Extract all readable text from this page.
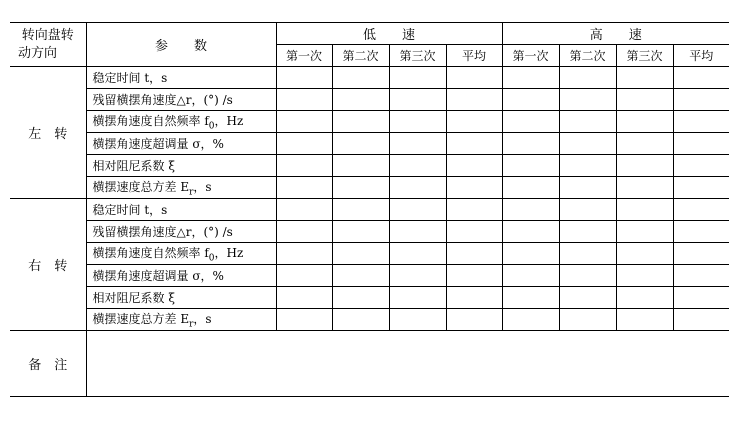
转向盘转
动方向	参　　数	低　　速				高　　速			
		第一次	第二次	第三次	平均	第一次	第二次	第三次	平均
左　转	稳定时间 t，s								
	残留横摆角速度△r，(°) /s								
	横摆角速度自然频率 $f_0$，Hz								
	横摆角速度超调量 σ，%								
	相对阻尼系数 ξ								
	横摆速度总方差 $E_r$，s								
右　转	稳定时间 t，s								
	残留横摆角速度△r，(°) /s								
	横摆角速度自然频率 $f_0$，Hz								
	横摆角速度超调量 σ，%								
	相对阻尼系数 ξ								
	横摆速度总方差 $E_r$，s								
备　注									
